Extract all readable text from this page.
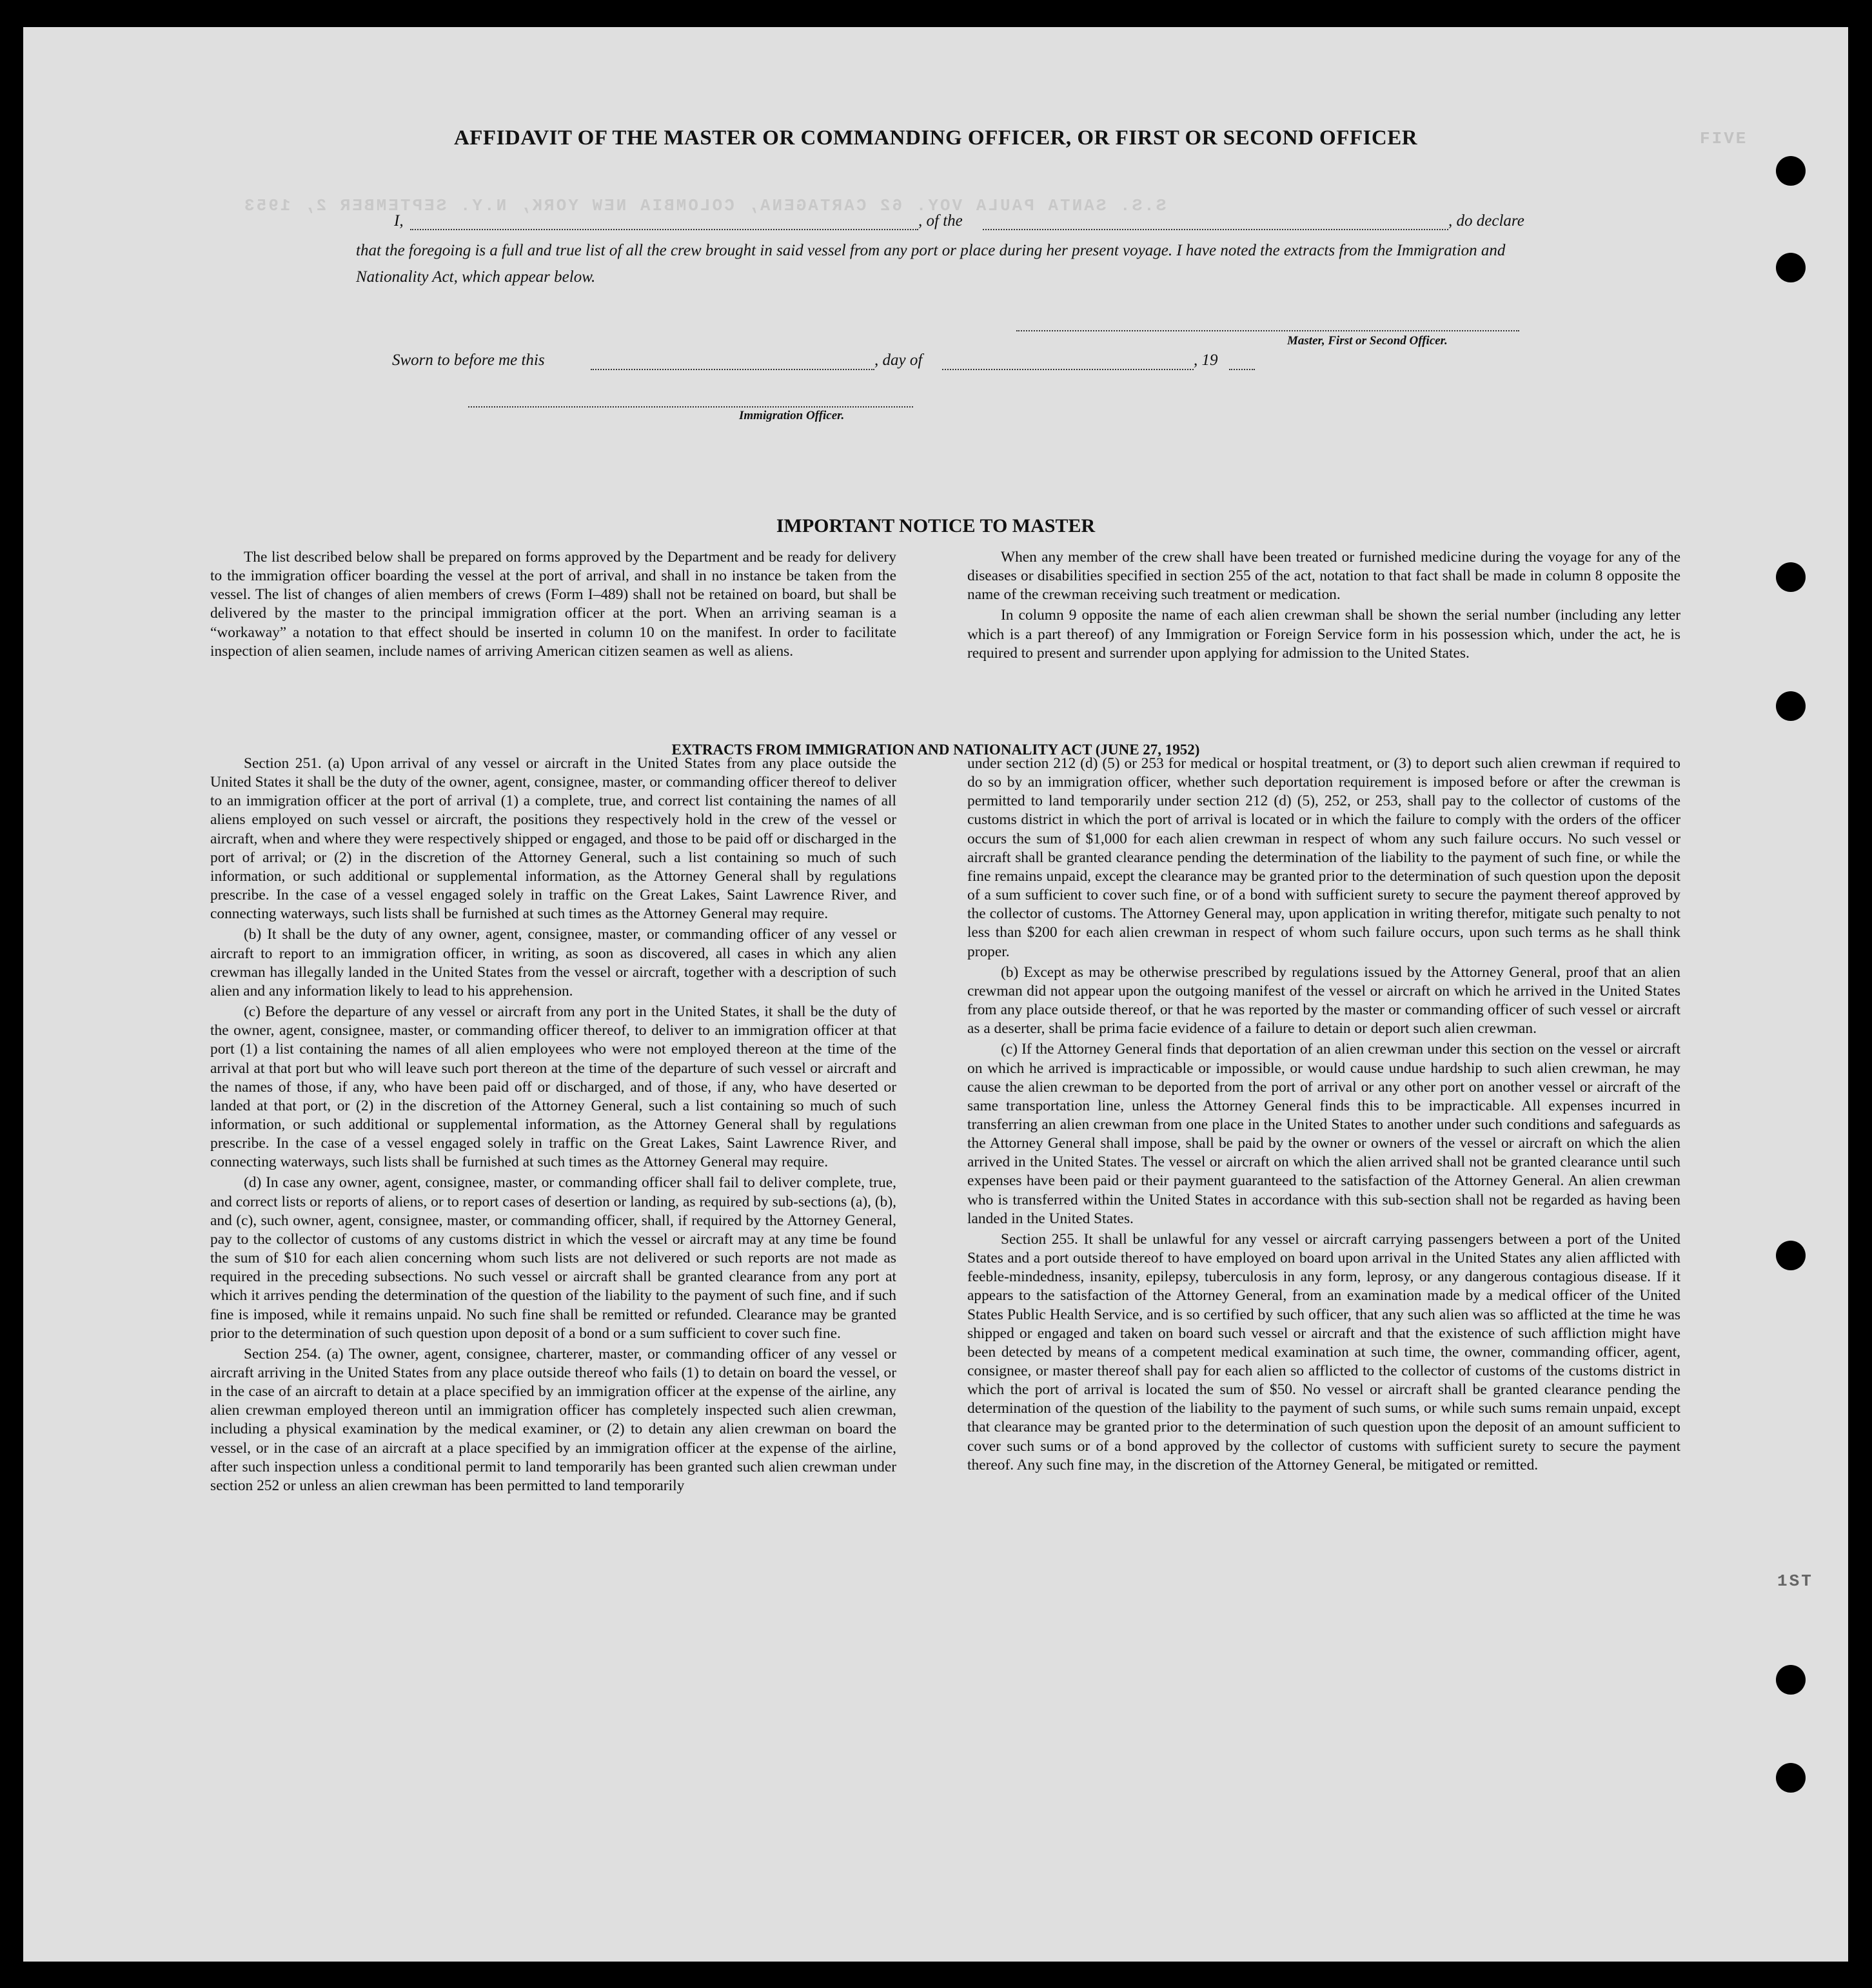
FIVE
S.S. SANTA PAULA VOY. 62 CARTAGENA, COLOMBIA NEW YORK, N.Y. SEPTEMBER 2, 1953
1ST
AFFIDAVIT OF THE MASTER OR COMMANDING OFFICER, OR FIRST OR SECOND OFFICER
I,	, of the	, do declare
that the foregoing is a full and true list of all the crew brought in said vessel from any port or place during her present voyage. I have noted the extracts from the Immigration and Nationality Act, which appear below.
Master, First or Second Officer.
Sworn to before me this	, day of	, 19
Immigration Officer.
IMPORTANT NOTICE TO MASTER

The list described below shall be prepared on forms approved by the Department and be ready for delivery to the immigration officer boarding the vessel at the port of arrival, and shall in no instance be taken from the vessel. The list of changes of alien members of crews (Form I–489) shall not be retained on board, but shall be delivered by the master to the principal immigration officer at the port. When an arriving seaman is a “workaway” a notation to that effect should be inserted in column 10 on the manifest. In order to facilitate inspection of alien seamen, include names of arriving American citizen seamen as well as aliens.

When any member of the crew shall have been treated or furnished medicine during the voyage for any of the diseases or disabilities specified in section 255 of the act, notation to that fact shall be made in column 8 opposite the name of the crewman receiving such treatment or medication.

In column 9 opposite the name of each alien crewman shall be shown the serial number (including any letter which is a part thereof) of any Immigration or Foreign Service form in his possession which, under the act, he is required to present and surrender upon applying for admission to the United States.

EXTRACTS FROM IMMIGRATION AND NATIONALITY ACT (JUNE 27, 1952)

Section 251. (a) Upon arrival of any vessel or aircraft in the United States from any place outside the United States it shall be the duty of the owner, agent, consignee, master, or commanding officer thereof to deliver to an immigration officer at the port of arrival (1) a complete, true, and correct list containing the names of all aliens employed on such vessel or aircraft, the positions they respectively hold in the crew of the vessel or aircraft, when and where they were respectively shipped or engaged, and those to be paid off or discharged in the port of arrival; or (2) in the discretion of the Attorney General, such a list containing so much of such information, or such additional or supplemental information, as the Attorney General shall by regulations prescribe. In the case of a vessel engaged solely in traffic on the Great Lakes, Saint Lawrence River, and connecting waterways, such lists shall be furnished at such times as the Attorney General may require.

(b) It shall be the duty of any owner, agent, consignee, master, or commanding officer of any vessel or aircraft to report to an immigration officer, in writing, as soon as discovered, all cases in which any alien crewman has illegally landed in the United States from the vessel or aircraft, together with a description of such alien and any information likely to lead to his apprehension.

(c) Before the departure of any vessel or aircraft from any port in the United States, it shall be the duty of the owner, agent, consignee, master, or commanding officer thereof, to deliver to an immigration officer at that port (1) a list containing the names of all alien employees who were not employed thereon at the time of the arrival at that port but who will leave such port thereon at the time of the departure of such vessel or aircraft and the names of those, if any, who have been paid off or discharged, and of those, if any, who have deserted or landed at that port, or (2) in the discretion of the Attorney General, such a list containing so much of such information, or such additional or supplemental information, as the Attorney General shall by regulations prescribe. In the case of a vessel engaged solely in traffic on the Great Lakes, Saint Lawrence River, and connecting waterways, such lists shall be furnished at such times as the Attorney General may require.

(d) In case any owner, agent, consignee, master, or commanding officer shall fail to deliver complete, true, and correct lists or reports of aliens, or to report cases of desertion or landing, as required by sub-sections (a), (b), and (c), such owner, agent, consignee, master, or commanding officer, shall, if required by the Attorney General, pay to the collector of customs of any customs district in which the vessel or aircraft may at any time be found the sum of $10 for each alien concerning whom such lists are not delivered or such reports are not made as required in the preceding subsections. No such vessel or aircraft shall be granted clearance from any port at which it arrives pending the determination of the question of the liability to the payment of such fine, and if such fine is imposed, while it remains unpaid. No such fine shall be remitted or refunded. Clearance may be granted prior to the determination of such question upon deposit of a bond or a sum sufficient to cover such fine.

Section 254. (a) The owner, agent, consignee, charterer, master, or commanding officer of any vessel or aircraft arriving in the United States from any place outside thereof who fails (1) to detain on board the vessel, or in the case of an aircraft to detain at a place specified by an immigration officer at the expense of the airline, any alien crewman employed thereon until an immigration officer has completely inspected such alien crewman, including a physical examination by the medical examiner, or (2) to detain any alien crewman on board the vessel, or in the case of an aircraft at a place specified by an immigration officer at the expense of the airline, after such inspection unless a conditional permit to land temporarily has been granted such alien crewman under section 252 or unless an alien crewman has been permitted to land temporarily

under section 212 (d) (5) or 253 for medical or hospital treatment, or (3) to deport such alien crewman if required to do so by an immigration officer, whether such deportation requirement is imposed before or after the crewman is permitted to land temporarily under section 212 (d) (5), 252, or 253, shall pay to the collector of customs of the customs district in which the port of arrival is located or in which the failure to comply with the orders of the officer occurs the sum of $1,000 for each alien crewman in respect of whom any such failure occurs. No such vessel or aircraft shall be granted clearance pending the determination of the liability to the payment of such fine, or while the fine remains unpaid, except the clearance may be granted prior to the determination of such question upon the deposit of a sum sufficient to cover such fine, or of a bond with sufficient surety to secure the payment thereof approved by the collector of customs. The Attorney General may, upon application in writing therefor, mitigate such penalty to not less than $200 for each alien crewman in respect of whom such failure occurs, upon such terms as he shall think proper.

(b) Except as may be otherwise prescribed by regulations issued by the Attorney General, proof that an alien crewman did not appear upon the outgoing manifest of the vessel or aircraft on which he arrived in the United States from any place outside thereof, or that he was reported by the master or commanding officer of such vessel or aircraft as a deserter, shall be prima facie evidence of a failure to detain or deport such alien crewman.

(c) If the Attorney General finds that deportation of an alien crewman under this section on the vessel or aircraft on which he arrived is impracticable or impossible, or would cause undue hardship to such alien crewman, he may cause the alien crewman to be deported from the port of arrival or any other port on another vessel or aircraft of the same transportation line, unless the Attorney General finds this to be impracticable. All expenses incurred in transferring an alien crewman from one place in the United States to another under such conditions and safeguards as the Attorney General shall impose, shall be paid by the owner or owners of the vessel or aircraft on which the alien arrived in the United States. The vessel or aircraft on which the alien arrived shall not be granted clearance until such expenses have been paid or their payment guaranteed to the satisfaction of the Attorney General. An alien crewman who is transferred within the United States in accordance with this sub-section shall not be regarded as having been landed in the United States.

Section 255. It shall be unlawful for any vessel or aircraft carrying passengers between a port of the United States and a port outside thereof to have employed on board upon arrival in the United States any alien afflicted with feeble-mindedness, insanity, epilepsy, tuberculosis in any form, leprosy, or any dangerous contagious disease. If it appears to the satisfaction of the Attorney General, from an examination made by a medical officer of the United States Public Health Service, and is so certified by such officer, that any such alien was so afflicted at the time he was shipped or engaged and taken on board such vessel or aircraft and that the existence of such affliction might have been detected by means of a competent medical examination at such time, the owner, commanding officer, agent, consignee, or master thereof shall pay for each alien so afflicted to the collector of customs of the customs district in which the port of arrival is located the sum of $50. No vessel or aircraft shall be granted clearance pending the determination of the question of the liability to the payment of such sums, or while such sums remain unpaid, except that clearance may be granted prior to the determination of such question upon the deposit of an amount sufficient to cover such sums or of a bond approved by the collector of customs with sufficient surety to secure the payment thereof. Any such fine may, in the discretion of the Attorney General, be mitigated or remitted.
